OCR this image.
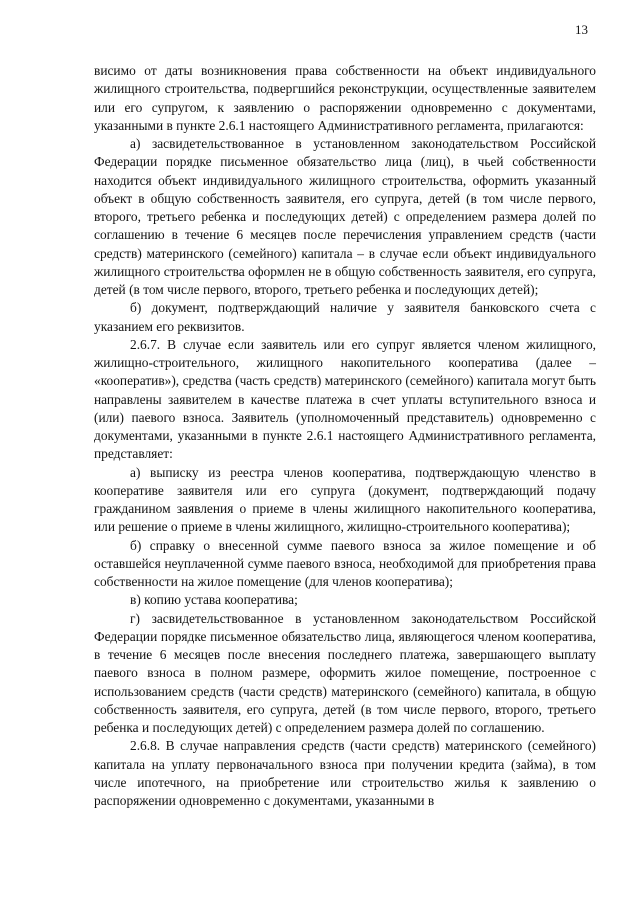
13

висимо от даты возникновения права собственности на объект индивидуального жилищного строительства, подвергшийся реконструкции, осуществленные заявителем или его супругом, к заявлению о распоряжении одновременно с документами, указанными в пункте 2.6.1 настоящего Административного регламента, прилагаются:

а) засвидетельствованное в установленном законодательством Российской Федерации порядке письменное обязательство лица (лиц), в чьей собственности находится объект индивидуального жилищного строительства, оформить указанный объект в общую собственность заявителя, его супруга, детей (в том числе первого, второго, третьего ребенка и последующих детей) с определением размера долей по соглашению в течение 6 месяцев после перечисления управлением средств (части средств) материнского (семейного) капитала – в случае если объект индивидуального жилищного строительства оформлен не в общую собственность заявителя, его супруга, детей (в том числе первого, второго, третьего ребенка и последующих детей);

б) документ, подтверждающий наличие у заявителя банковского счета с указанием его реквизитов.

2.6.7. В случае если заявитель или его супруг является членом жилищного, жилищно-строительного, жилищного накопительного кооператива (далее – «кооператив»), средства (часть средств) материнского (семейного) капитала могут быть направлены заявителем в качестве платежа в счет уплаты вступительного взноса и (или) паевого взноса. Заявитель (уполномоченный представитель) одновременно с документами, указанными в пункте 2.6.1 настоящего Административного регламента, представляет:

а) выписку из реестра членов кооператива, подтверждающую членство в кооперативе заявителя или его супруга (документ, подтверждающий подачу гражданином заявления о приеме в члены жилищного накопительного кооператива, или решение о приеме в члены жилищного, жилищно-строительного кооператива);

б) справку о внесенной сумме паевого взноса за жилое помещение и об оставшейся неуплаченной сумме паевого взноса, необходимой для приобретения права собственности на жилое помещение (для членов кооператива);

в) копию устава кооператива;

г) засвидетельствованное в установленном законодательством Российской Федерации порядке письменное обязательство лица, являющегося членом кооператива, в течение 6 месяцев после внесения последнего платежа, завершающего выплату паевого взноса в полном размере, оформить жилое помещение, построенное с использованием средств (части средств) материнского (семейного) капитала, в общую собственность заявителя, его супруга, детей (в том числе первого, второго, третьего ребенка и последующих детей) с определением размера долей по соглашению.

2.6.8. В случае направления средств (части средств) материнского (семейного) капитала на уплату первоначального взноса при получении кредита (займа), в том числе ипотечного, на приобретение или строительство жилья к заявлению о распоряжении одновременно с документами, указанными в
